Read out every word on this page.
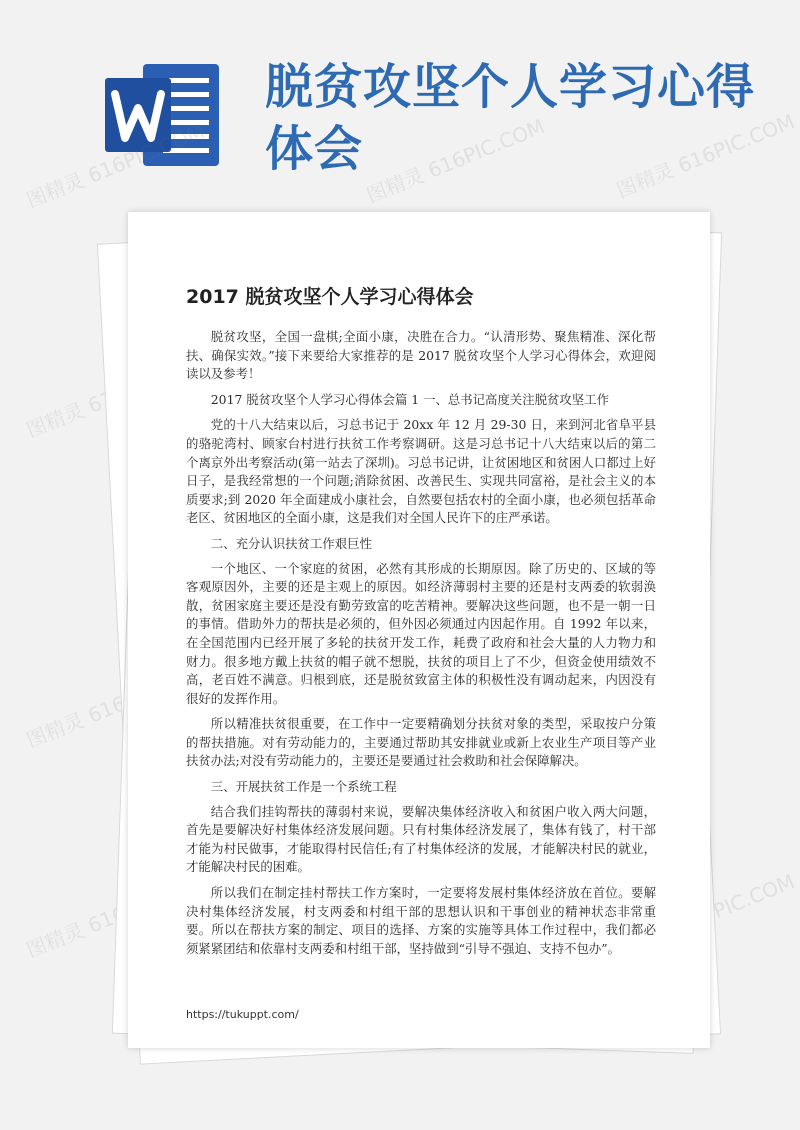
脱贫攻坚个人学习心得
体会
图精灵 616PIC.COM	图精灵 616PIC.COM	图精灵 616PIC.COM
图精灵
图精灵 616PIC.COM
图精灵
616PIC.COM
2017 脱贫攻坚个人学习心得体会

脱贫攻坚，全国一盘棋;全面小康，决胜在合力。“认清形势、聚焦精准、深化帮扶、确保实效。”接下来要给大家推荐的是 2017 脱贫攻坚个人学习心得体会，欢迎阅读以及参考！

2017 脱贫攻坚个人学习心得体会篇 1 一、总书记高度关注脱贫攻坚工作

党的十八大结束以后，习总书记于 20xx 年 12 月 29-30 日，来到河北省阜平县的骆驼湾村、顾家台村进行扶贫工作考察调研。这是习总书记十八大结束以后的第二个离京外出考察活动(第一站去了深圳)。习总书记讲，让贫困地区和贫困人口都过上好日子，是我经常想的一个问题;消除贫困、改善民生、实现共同富裕，是社会主义的本质要求;到 2020 年全面建成小康社会，自然要包括农村的全面小康，也必须包括革命老区、贫困地区的全面小康，这是我们对全国人民许下的庄严承诺。

二、充分认识扶贫工作艰巨性

一个地区、一个家庭的贫困，必然有其形成的长期原因。除了历史的、区域的等客观原因外，主要的还是主观上的原因。如经济薄弱村主要的还是村支两委的软弱涣散，贫困家庭主要还是没有勤劳致富的吃苦精神。要解决这些问题，也不是一朝一日的事情。借助外力的帮扶是必须的，但外因必须通过内因起作用。自 1992 年以来，在全国范围内已经开展了多轮的扶贫开发工作，耗费了政府和社会大量的人力物力和财力。很多地方戴上扶贫的帽子就不想脱，扶贫的项目上了不少，但资金使用绩效不高，老百姓不满意。归根到底，还是脱贫致富主体的积极性没有调动起来，内因没有很好的发挥作用。

所以精准扶贫很重要，在工作中一定要精确划分扶贫对象的类型，采取按户分策的帮扶措施。对有劳动能力的，主要通过帮助其安排就业或新上农业生产项目等产业扶贫办法;对没有劳动能力的，主要还是要通过社会救助和社会保障解决。

三、开展扶贫工作是一个系统工程

结合我们挂钩帮扶的薄弱村来说，要解决集体经济收入和贫困户收入两大问题，首先是要解决好村集体经济发展问题。只有村集体经济发展了，集体有钱了，村干部才能为村民做事，才能取得村民信任;有了村集体经济的发展，才能解决村民的就业，才能解决村民的困难。

所以我们在制定挂村帮扶工作方案时，一定要将发展村集体经济放在首位。要解决村集体经济发展，村支两委和村组干部的思想认识和干事创业的精神状态非常重要。所以在帮扶方案的制定、项目的选择、方案的实施等具体工作过程中，我们都必须紧紧团结和依靠村支两委和村组干部，坚持做到“引导不强迫、支持不包办”。

https://tukuppt.com/
